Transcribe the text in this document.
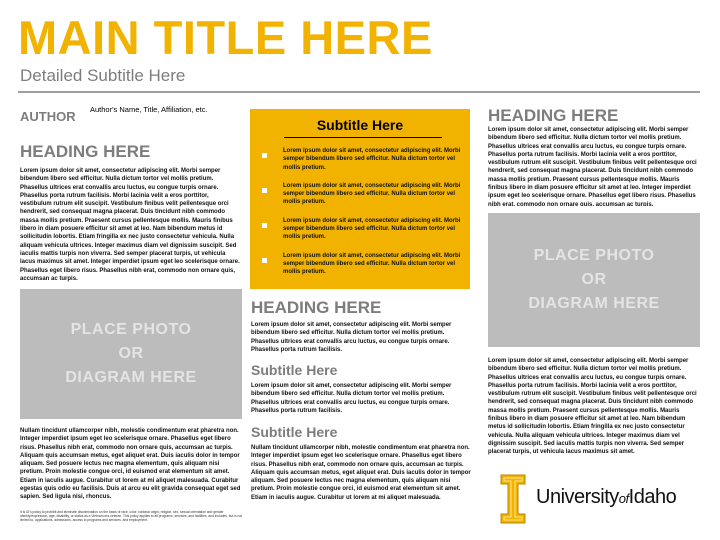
MAIN TITLE HERE
Detailed Subtitle Here
AUTHOR Author's Name, Title, Affiliation, etc.
HEADING HERE
Lorem ipsum dolor sit amet, consectetur adipiscing elit. Morbi semper bibendum libero sed efficitur. Nulla dictum tortor vel mollis pretium. Phasellus ultrices erat convallis arcu luctus, eu congue turpis ornare. Phasellus porta rutrum facilisis. Morbi lacinia velit a eros porttitor, vestibulum rutrum elit suscipit. Vestibulum finibus velit pellentesque orci hendrerit, sed consequat magna placerat. Duis tincidunt nibh commodo massa mollis pretium. Praesent cursus pellentesque mollis. Mauris finibus libero in diam posuere efficitur sit amet at leo. Nam bibendum metus id sollicitudin lobortis. Etiam fringilla ex nec justo consectetur vehicula. Nulla aliquam vehicula ultrices. Integer maximus diam vel dignissim suscipit. Sed iaculis mattis turpis non viverra. Sed semper placerat turpis, ut vehicula lacus maximus sit amet. Integer imperdiet ipsum eget leo scelerisque ornare. Phasellus eget libero risus. Phasellus nibh erat, commodo non ornare quis, accumsan ac turpis.
PLACE PHOTO
OR
DIAGRAM HERE
Nullam tincidunt ullamcorper nibh, molestie condimentum erat pharetra non. Integer imperdiet ipsum eget leo scelerisque ornare. Phasellus eget libero risus. Phasellus nibh erat, commodo non ornare quis, accumsan ac turpis. Aliquam quis accumsan metus, eget aliquet erat. Duis iaculis dolor in tempor aliquam. Sed posuere lectus nec magna elementum, quis aliquam nisi pretium. Proin molestie congue orci, id euismod erat elementum sit amet. Etiam in iaculis augue. Curabitur ut lorem at mi aliquet malesuada. Curabitur egestas quis odio eu facilisis. Duis at arcu eu elit gravida consequat eget sed sapien. Sed ligula nisi, rhoncus.
It is UI's policy to prohibit and eliminate discrimination on the basis of race, color, national origin, religion, sex, sexual orientation and gender identity/expression, age, disability, or status as a Vietnam-era veteran. This policy applies to all programs, services, and facilities, and includes, but is not limited to, applications, admissions, access to programs and services, and employment.
Subtitle Here
Lorem ipsum dolor sit amet, consectetur adipiscing elit. Morbi semper bibendum libero sed efficitur. Nulla dictum tortor vel mollis pretium.
Lorem ipsum dolor sit amet, consectetur adipiscing elit. Morbi semper bibendum libero sed efficitur. Nulla dictum tortor vel mollis pretium.
Lorem ipsum dolor sit amet, consectetur adipiscing elit. Morbi semper bibendum libero sed efficitur. Nulla dictum tortor vel mollis pretium.
Lorem ipsum dolor sit amet, consectetur adipiscing elit. Morbi semper bibendum libero sed efficitur. Nulla dictum tortor vel mollis pretium.
HEADING HERE
Lorem ipsum dolor sit amet, consectetur adipiscing elit. Morbi semper bibendum libero sed efficitur. Nulla dictum tortor vel mollis pretium. Phasellus ultrices erat convallis arcu luctus, eu congue turpis ornare. Phasellus porta rutrum facilisis.
Subtitle Here
Lorem ipsum dolor sit amet, consectetur adipiscing elit. Morbi semper bibendum libero sed efficitur. Nulla dictum tortor vel mollis pretium. Phasellus ultrices erat convallis arcu luctus, eu congue turpis ornare. Phasellus porta rutrum facilisis.
Subtitle Here
Nullam tincidunt ullamcorper nibh, molestie condimentum erat pharetra non. Integer imperdiet ipsum eget leo scelerisque ornare. Phasellus eget libero risus. Phasellus nibh erat, commodo non ornare quis, accumsan ac turpis. Aliquam quis accumsan metus, eget aliquet erat. Duis iaculis dolor in tempor aliquam. Sed posuere lectus nec magna elementum, quis aliquam nisi pretium. Proin molestie congue orci, id euismod erat elementum sit amet. Etiam in iaculis augue. Curabitur ut lorem at mi aliquet malesuada.
HEADING HERE
Lorem ipsum dolor sit amet, consectetur adipiscing elit. Morbi semper bibendum libero sed efficitur. Nulla dictum tortor vel mollis pretium. Phasellus ultrices erat convallis arcu luctus, eu congue turpis ornare. Phasellus porta rutrum facilisis. Morbi lacinia velit a eros porttitor, vestibulum rutrum elit suscipit. Vestibulum finibus velit pellentesque orci hendrerit, sed consequat magna placerat. Duis tincidunt nibh commodo massa mollis pretium. Praesent cursus pellentesque mollis. Mauris finibus libero in diam posuere efficitur sit amet at leo. Integer imperdiet ipsum eget leo scelerisque ornare. Phasellus eget libero risus. Phasellus nibh erat, commodo non ornare quis, accumsan ac turpis.
PLACE PHOTO
OR
DIAGRAM HERE
Lorem ipsum dolor sit amet, consectetur adipiscing elit. Morbi semper bibendum libero sed efficitur. Nulla dictum tortor vel mollis pretium. Phasellus ultrices erat convallis arcu luctus, eu congue turpis ornare. Phasellus porta rutrum facilisis. Morbi lacinia velit a eros porttitor, vestibulum rutrum elit suscipit. Vestibulum finibus velit pellentesque orci hendrerit, sed consequat magna placerat. Duis tincidunt nibh commodo massa mollis pretium. Praesent cursus pellentesque mollis. Mauris finibus libero in diam posuere efficitur sit amet at leo. Nam bibendum metus id sollicitudin lobortis. Etiam fringilla ex nec justo consectetur vehicula. Nulla aliquam vehicula ultrices. Integer maximus diam vel dignissim suscipit. Sed iaculis mattis turpis non viverra. Sed semper placerat turpis, ut vehicula lacus maximus sit amet.
UniversityofIdaho
